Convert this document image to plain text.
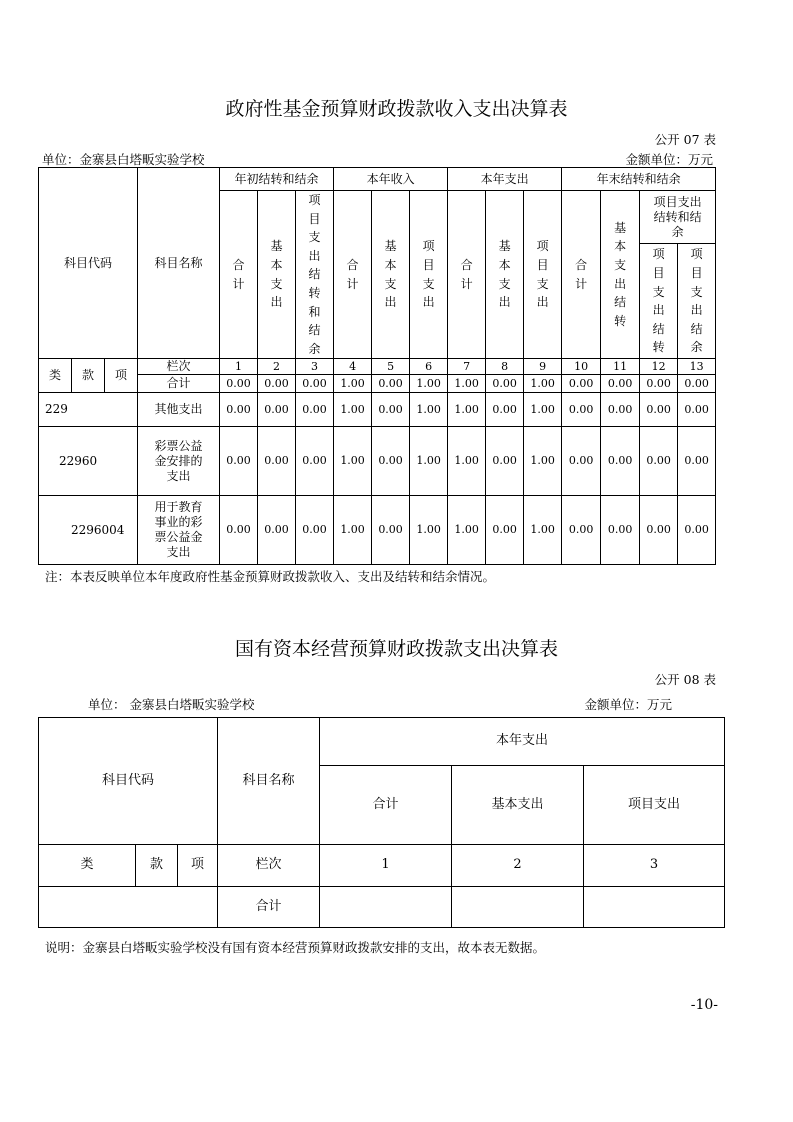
政府性基金预算财政拨款收入支出决算表
公开 07 表
单位：金寨县白塔畈实验学校	金额单位：万元
科目代码			科目名称	年初结转和结余			本年收入			本年支出			年末结转和结余			
				合计	基本支出	项目支出结转和结余	合计	基本支出	项目支出	合计	基本支出	项目支出	合计	基本支出结转	项目支出结转和结余	
															项目支出结转	项目支出结余
类	款	项	栏次	1	2	3	4	5	6	7	8	9	10	11	12	13
			合计	0.00	0.00	0.00	1.00	0.00	1.00	1.00	0.00	1.00	0.00	0.00	0.00	0.00
229			其他支出	0.00	0.00	0.00	1.00	0.00	1.00	1.00	0.00	1.00	0.00	0.00	0.00	0.00
22960			彩票公益金安排的支出	0.00	0.00	0.00	1.00	0.00	1.00	1.00	0.00	1.00	0.00	0.00	0.00	0.00
2296004			用于教育事业的彩票公益金支出	0.00	0.00	0.00	1.00	0.00	1.00	1.00	0.00	1.00	0.00	0.00	0.00	0.00
注：本表反映单位本年度政府性基金预算财政拨款收入、支出及结转和结余情况。
国有资本经营预算财政拨款支出决算表
公开 08 表
单位： 金寨县白塔畈实验学校	金额单位：万元
科目代码			科目名称	本年支出		
				合计	基本支出	项目支出
类	款	项	栏次	1	2	3
			合计			
说明：金寨县白塔畈实验学校没有国有资本经营预算财政拨款安排的支出，故本表无数据。
-10-
